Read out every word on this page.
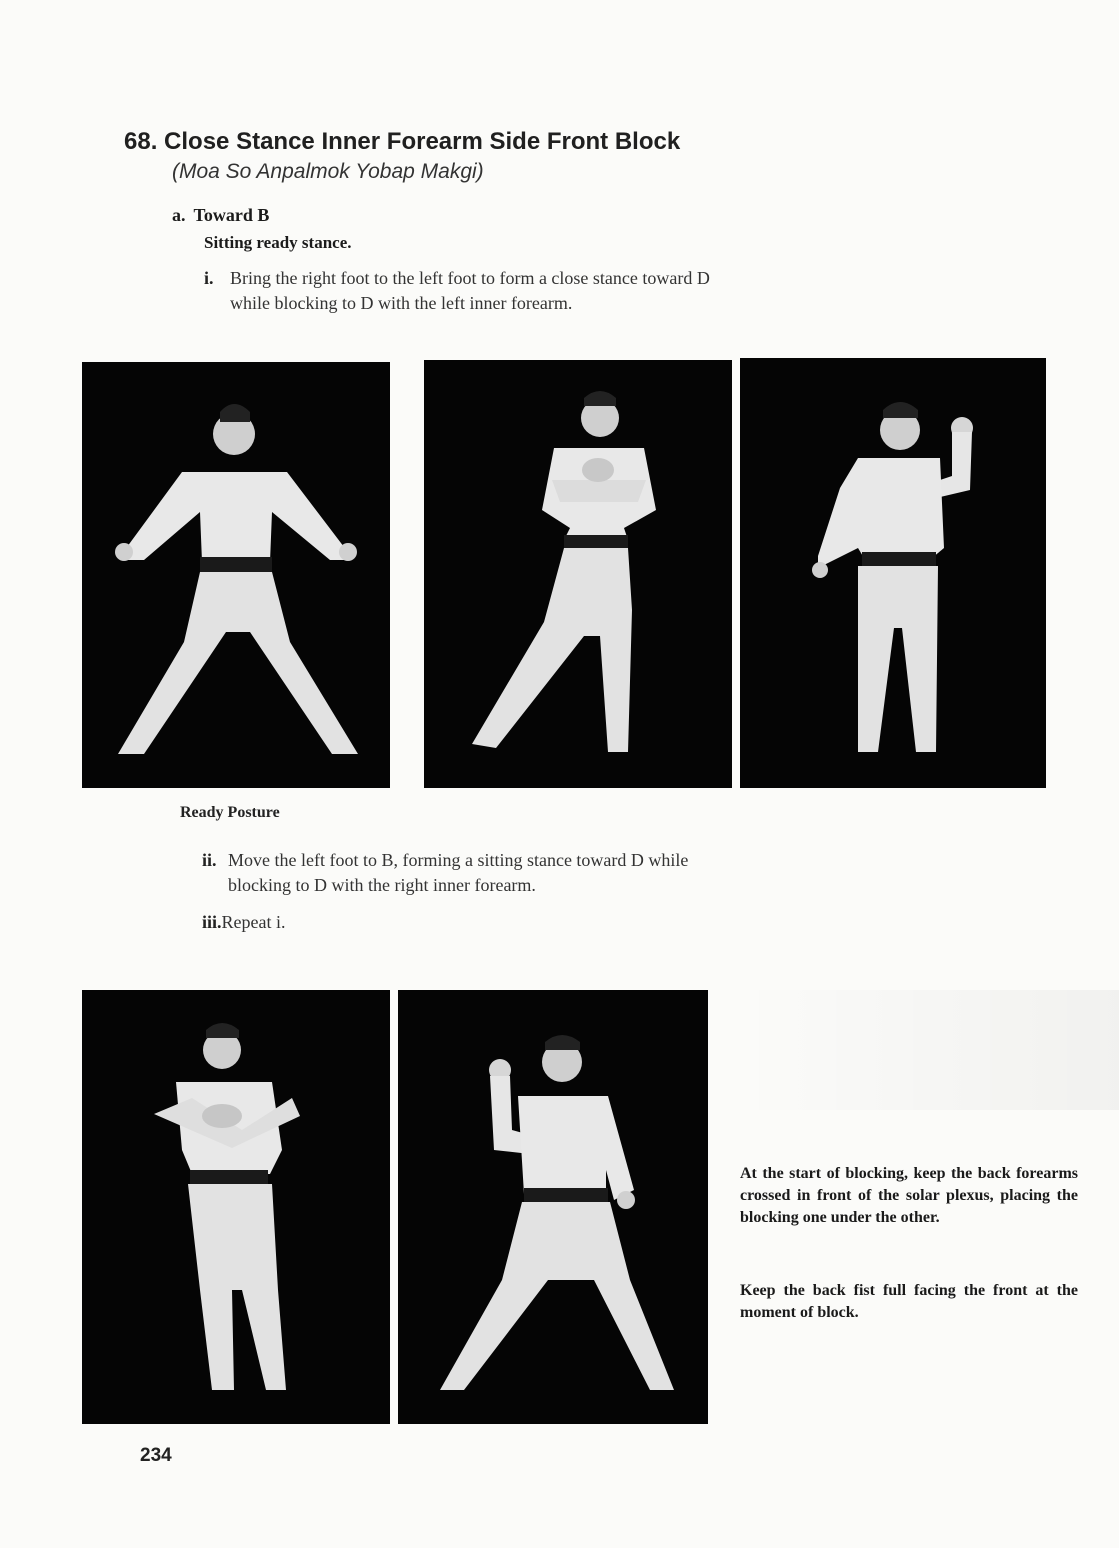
68. Close Stance Inner Forearm Side Front Block
(Moa So Anpalmok Yobap Makgi)
a. Toward B
Sitting ready stance.
i. Bring the right foot to the left foot to form a close stance toward D
while blocking to D with the left inner forearm.
Ready Posture
ii. Move the left foot to B, forming a sitting stance toward D while
blocking to D with the right inner forearm.
iii.Repeat i.

At the start of blocking, keep the back forearms crossed in front of the solar plexus, placing the blocking one under the other.

Keep the back fist full facing the front at the moment of block.

234
